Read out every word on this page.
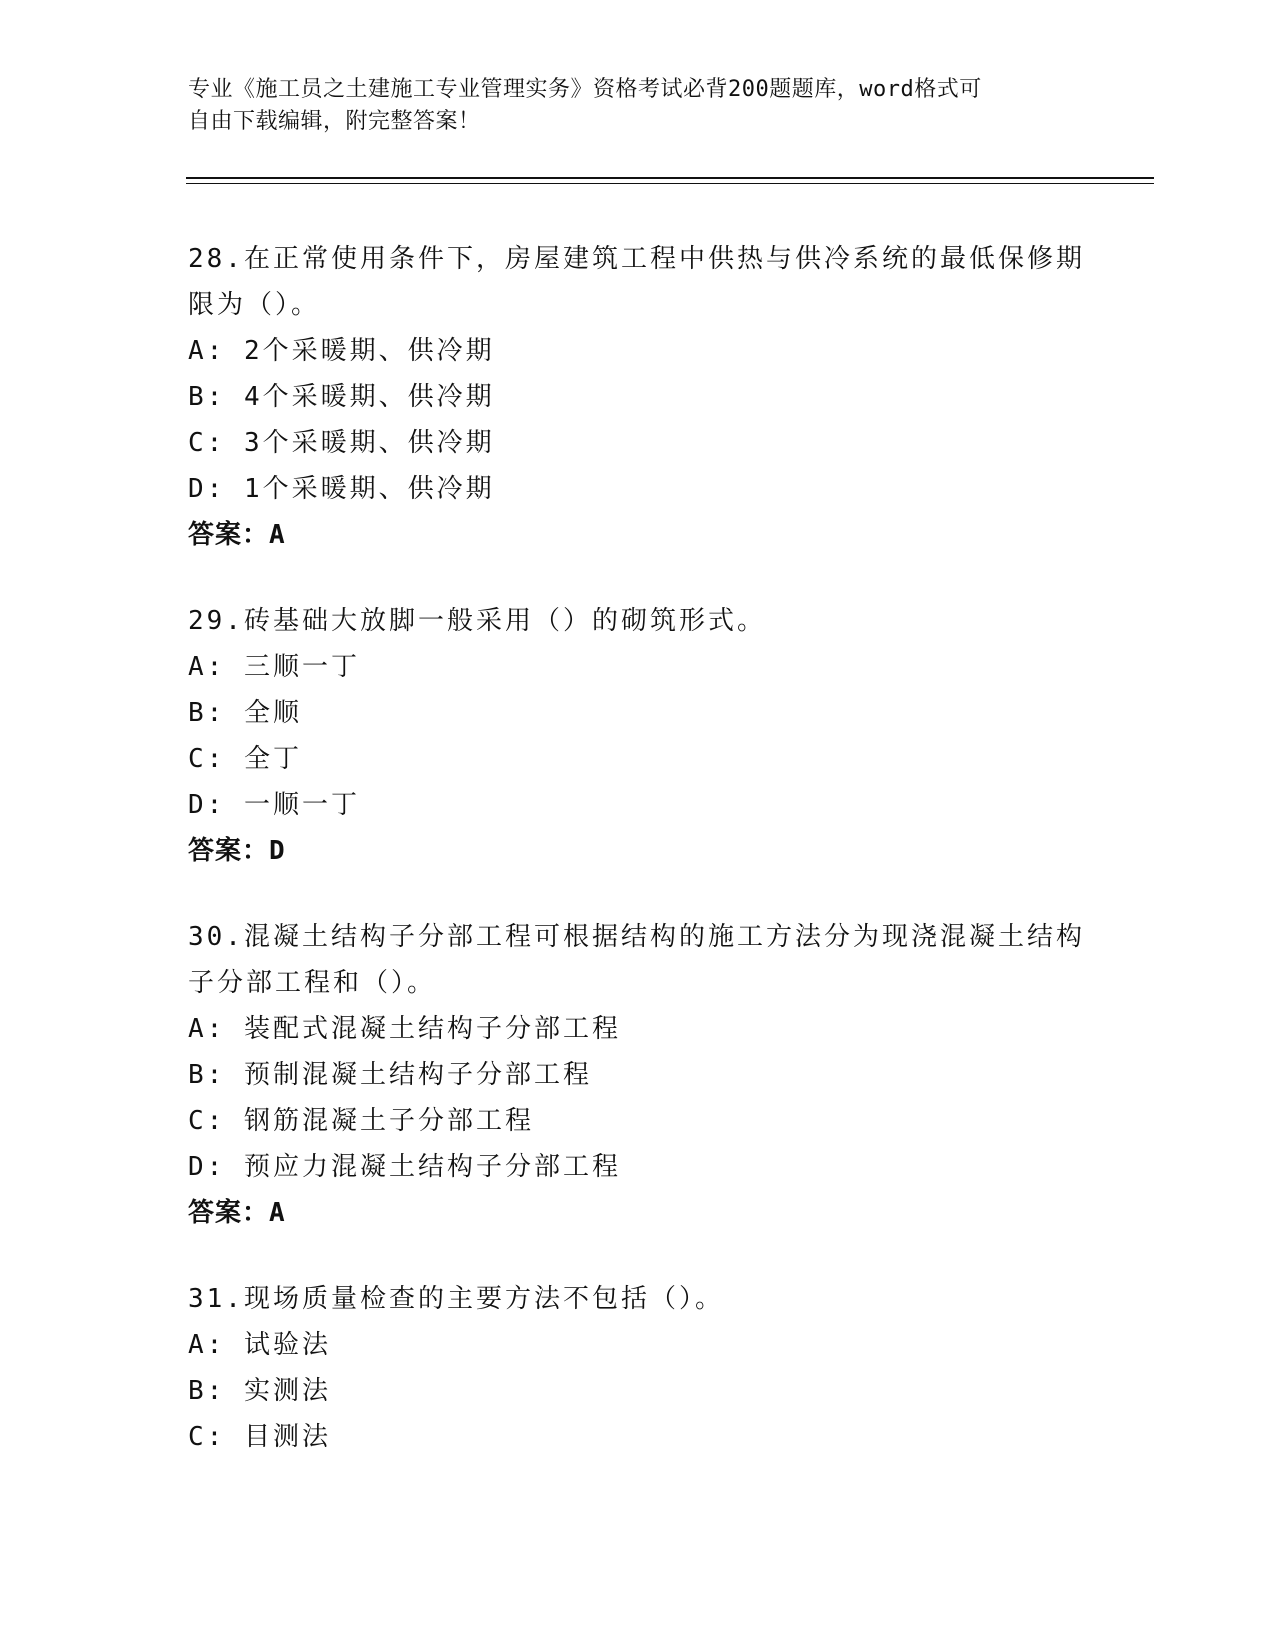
专业《施工员之土建施工专业管理实务》资格考试必背200题题库，word格式可
自由下载编辑，附完整答案！
28.在正常使用条件下，房屋建筑工程中供热与供冷系统的最低保修期
限为（）。
A: 2个采暖期、供冷期
B: 4个采暖期、供冷期
C: 3个采暖期、供冷期
D: 1个采暖期、供冷期
答案：A
29.砖基础大放脚一般采用（）的砌筑形式。
A: 三顺一丁
B: 全顺
C: 全丁
D: 一顺一丁
答案：D
30.混凝土结构子分部工程可根据结构的施工方法分为现浇混凝土结构
子分部工程和（）。
A: 装配式混凝土结构子分部工程
B: 预制混凝土结构子分部工程
C: 钢筋混凝土子分部工程
D: 预应力混凝土结构子分部工程
答案：A
31.现场质量检查的主要方法不包括（）。
A: 试验法
B: 实测法
C: 目测法
